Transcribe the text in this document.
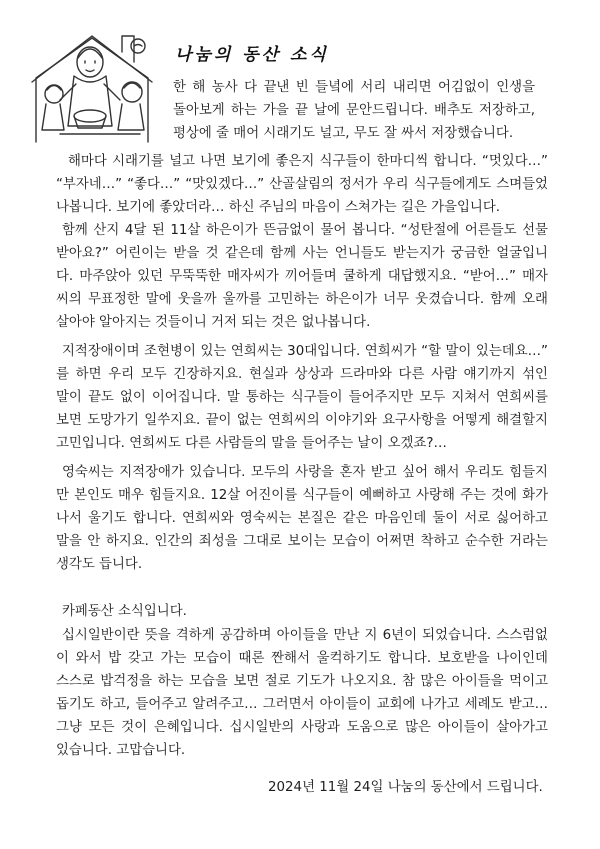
나눔의 동산 소식
한 해 농사 다 끝낸 빈 들녘에 서리 내리면 어김없이 인생을
돌아보게 하는 가을 끝 날에 문안드립니다. 배추도 저장하고,
평상에 줄 매어 시래기도 널고, 무도 잘 싸서 저장했습니다.
해마다 시래기를 널고 나면 보기에 좋은지 식구들이 한마디씩 합니다. “멋있다…”
“부자네…” “좋다…” “맛있겠다…” 산골살림의 정서가 우리 식구들에게도 스며들었
나봅니다. 보기에 좋았더라… 하신 주님의 마음이 스쳐가는 길은 가을입니다.
함께 산지 4달 된 11살 하은이가 뜬금없이 물어 봅니다. “성탄절에 어른들도 선물
받아요?” 어린이는 받을 것 같은데 함께 사는 언니들도 받는지가 궁금한 얼굴입니
다. 마주앉아 있던 무뚝뚝한 매자씨가 끼어들며 쿨하게 대답했지요. “받어…” 매자
씨의 무표정한 말에 웃을까 울까를 고민하는 하은이가 너무 웃겼습니다. 함께 오래
살아야 알아지는 것들이니 거저 되는 것은 없나봅니다.
지적장애이며 조현병이 있는 연희씨는 30대입니다. 연희씨가 “할 말이 있는데요…”
를 하면 우리 모두 긴장하지요. 현실과 상상과 드라마와 다른 사람 얘기까지 섞인
말이 끝도 없이 이어집니다. 말 통하는 식구들이 들어주지만 모두 지쳐서 연희씨를
보면 도망가기 일쑤지요. 끝이 없는 연희씨의 이야기와 요구사항을 어떻게 해결할지
고민입니다. 연희씨도 다른 사람들의 말을 들어주는 날이 오겠죠?…
영숙씨는 지적장애가 있습니다. 모두의 사랑을 혼자 받고 싶어 해서 우리도 힘들지
만 본인도 매우 힘들지요. 12살 어진이를 식구들이 예뻐하고 사랑해 주는 것에 화가
나서 울기도 합니다. 연희씨와 영숙씨는 본질은 같은 마음인데 둘이 서로 싫어하고
말을 안 하지요. 인간의 죄성을 그대로 보이는 모습이 어쩌면 착하고 순수한 거라는
생각도 듭니다.
카페동산 소식입니다.
십시일반이란 뜻을 격하게 공감하며 아이들을 만난 지 6년이 되었습니다. 스스럼없
이 와서 밥 갖고 가는 모습이 때론 짠해서 울컥하기도 합니다. 보호받을 나이인데
스스로 밥걱정을 하는 모습을 보면 절로 기도가 나오지요. 참 많은 아이들을 먹이고
돕기도 하고, 들어주고 알려주고… 그러면서 아이들이 교회에 나가고 세례도 받고…
그냥 모든 것이 은혜입니다. 십시일반의 사랑과 도움으로 많은 아이들이 살아가고
있습니다. 고맙습니다.
2024년 11월 24일 나눔의 동산에서 드립니다.
